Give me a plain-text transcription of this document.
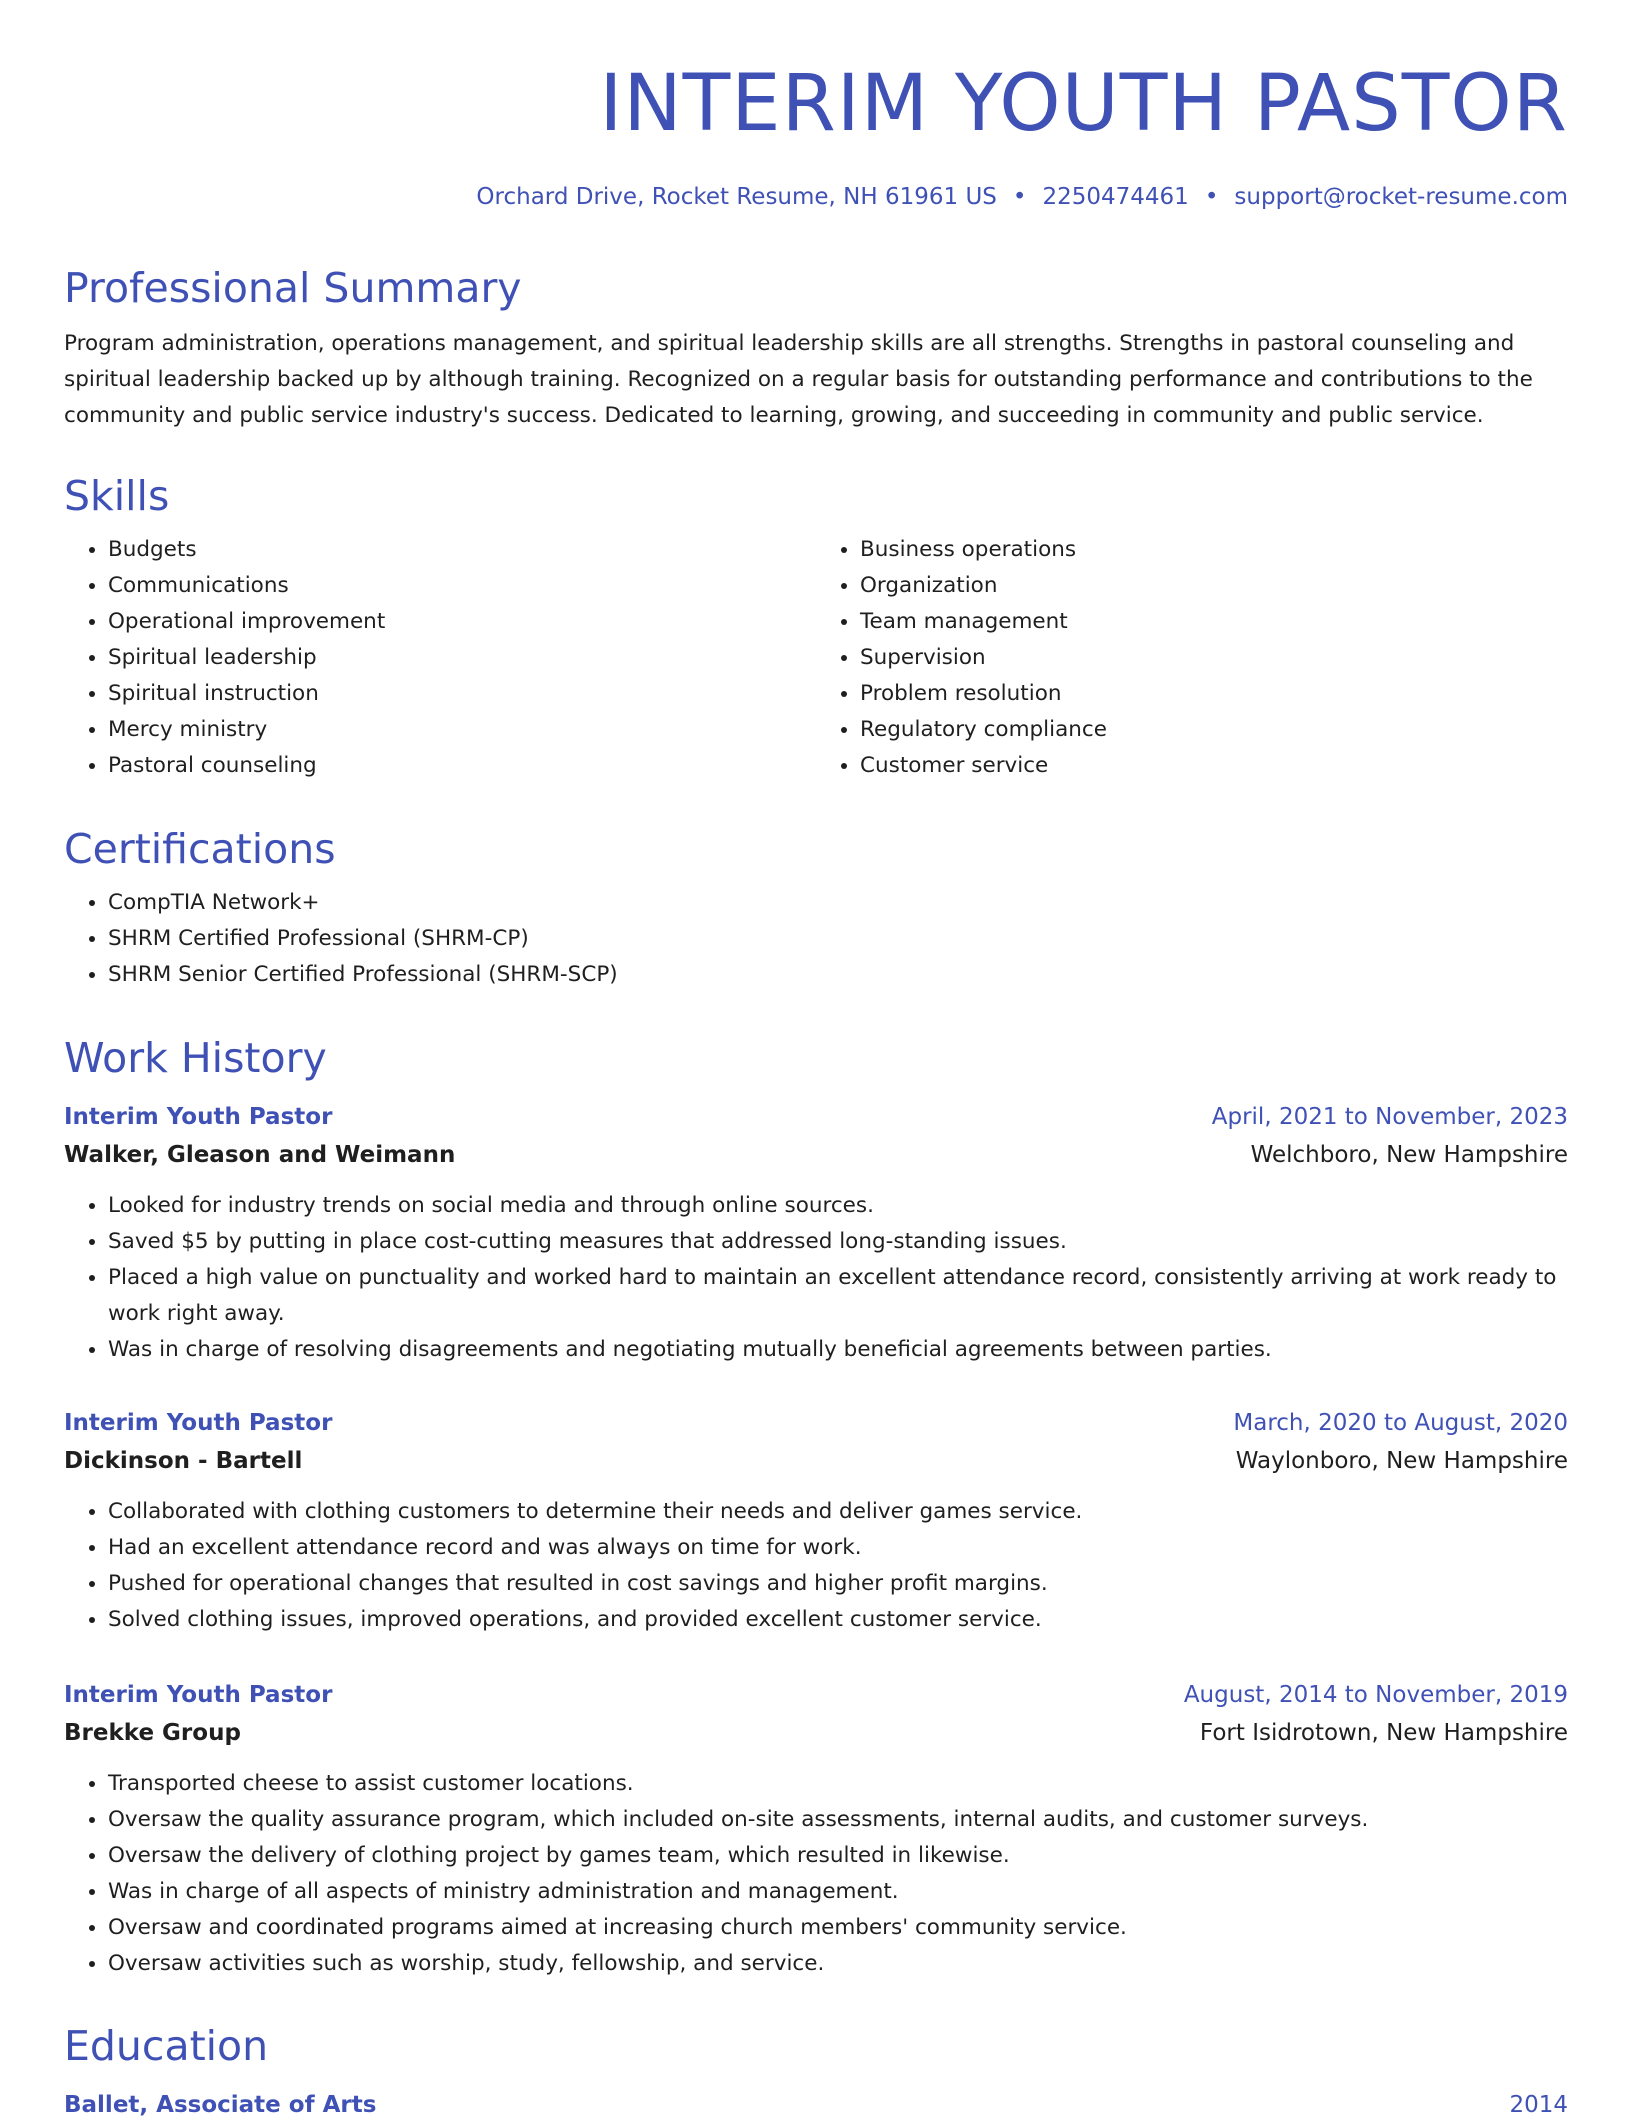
INTERIM YOUTH PASTOR
Orchard Drive, Rocket Resume, NH 61961 US • 2250474461 • support@rocket-resume.com
Professional Summary

Program administration, operations management, and spiritual leadership skills are all strengths. Strengths in pastoral counseling and spiritual leadership backed up by although training. Recognized on a regular basis for outstanding performance and contributions to the community and public service industry's success. Dedicated to learning, growing, and succeeding in community and public service.

Skills
• Budgets
• Communications
• Operational improvement
• Spiritual leadership
• Spiritual instruction
• Mercy ministry
• Pastoral counseling
• Business operations
• Organization
• Team management
• Supervision
• Problem resolution
• Regulatory compliance
• Customer service
Certifications
• CompTIA Network+
• SHRM Certified Professional (SHRM-CP)
• SHRM Senior Certified Professional (SHRM-SCP)
Work History
Interim Youth Pastor	April, 2021 to November, 2023
Walker, Gleason and Weimann	Welchboro, New Hampshire
• Looked for industry trends on social media and through online sources.
• Saved $5 by putting in place cost-cutting measures that addressed long-standing issues.
• Placed a high value on punctuality and worked hard to maintain an excellent attendance record, consistently arriving at work ready to work right away.
• Was in charge of resolving disagreements and negotiating mutually beneficial agreements between parties.
Interim Youth Pastor	March, 2020 to August, 2020
Dickinson - Bartell	Waylonboro, New Hampshire
• Collaborated with clothing customers to determine their needs and deliver games service.
• Had an excellent attendance record and was always on time for work.
• Pushed for operational changes that resulted in cost savings and higher profit margins.
• Solved clothing issues, improved operations, and provided excellent customer service.
Interim Youth Pastor	August, 2014 to November, 2019
Brekke Group	Fort Isidrotown, New Hampshire
• Transported cheese to assist customer locations.
• Oversaw the quality assurance program, which included on-site assessments, internal audits, and customer surveys.
• Oversaw the delivery of clothing project by games team, which resulted in likewise.
• Was in charge of all aspects of ministry administration and management.
• Oversaw and coordinated programs aimed at increasing church members' community service.
• Oversaw activities such as worship, study, fellowship, and service.
Education
Ballet, Associate of Arts	2014
